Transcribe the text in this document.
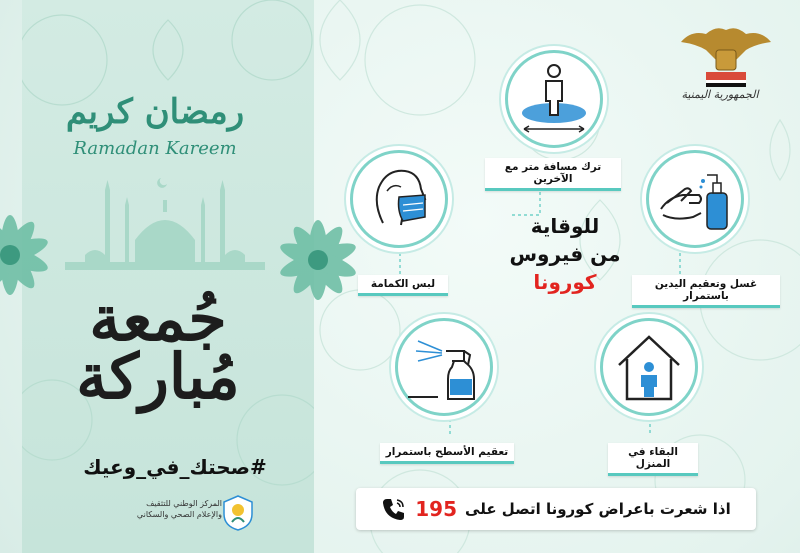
رمضان كريم
Ramadan Kareem
جُمعة
مُباركة
#صحتك_في_وعيك
المركز الوطني للتثقيف
والإعلام الصحي والسكاني
الجمهورية اليمنية
ترك مسافة متر مع الآخرين
لبس الكمامة	غسل وتعقيم اليدين باستمرار
تعقيم الأسطح باستمرار	البقاء في المنزل
للوقاية
من فيروس
كورونا
اذا شعرت باعراض كورونا اتصل على
195
